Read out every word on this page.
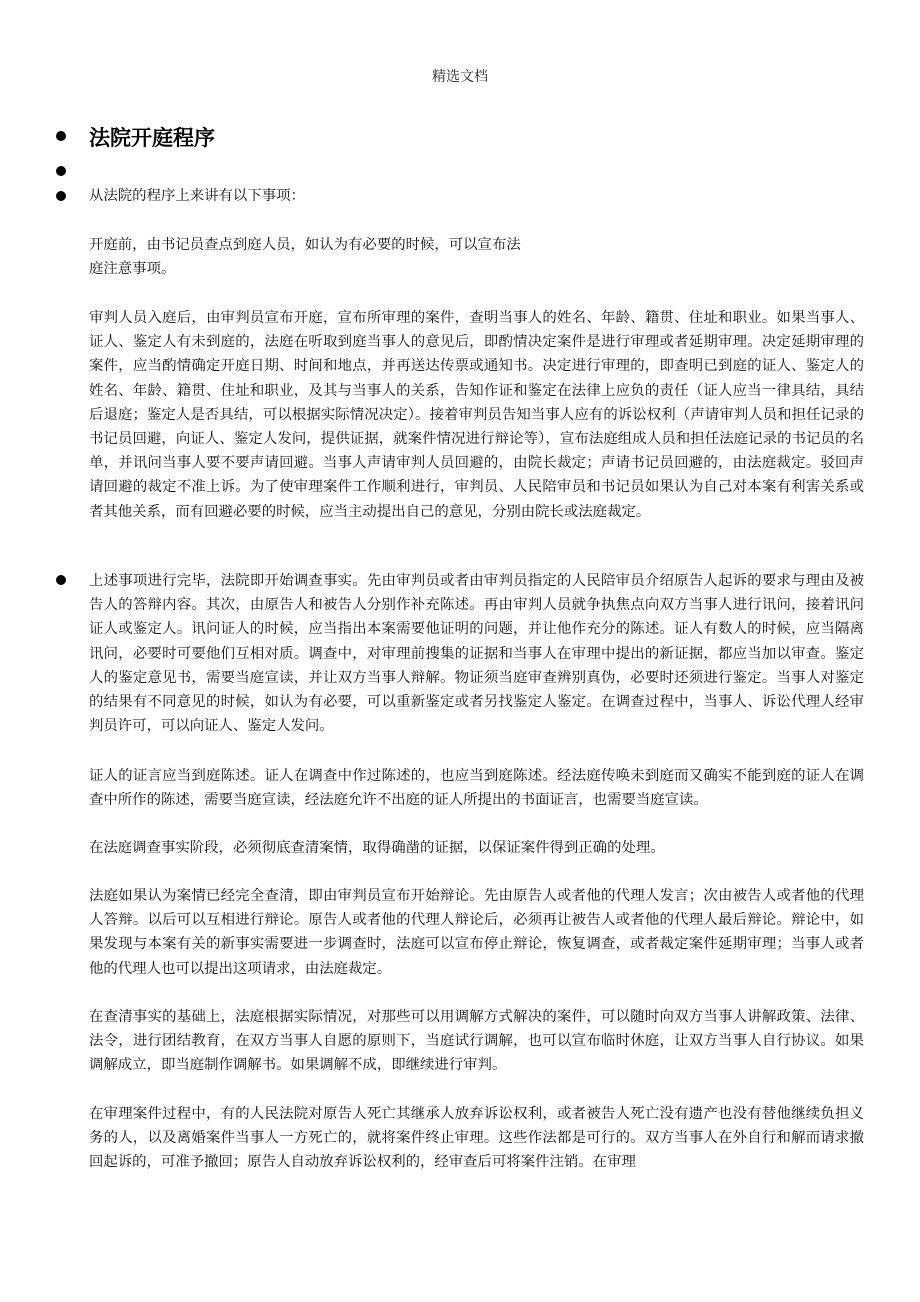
精选文档
法院开庭程序
从法院的程序上来讲有以下事项：
开庭前，由书记员查点到庭人员，如认为有必要的时候，可以宣布法
庭注意事项。

审判人员入庭后，由审判员宣布开庭，宣布所审理的案件，查明当事人的姓名、年龄、籍贯、住址和职业。如果当事人、证人、鉴定人有未到庭的，法庭在听取到庭当事人的意见后，即酌情决定案件是进行审理或者延期审理。决定延期审理的案件，应当酌情确定开庭日期、时间和地点，并再送达传票或通知书。决定进行审理的，即查明已到庭的证人、鉴定人的姓名、年龄、籍贯、住址和职业，及其与当事人的关系，告知作证和鉴定在法律上应负的责任（证人应当一律具结，具结后退庭；鉴定人是否具结，可以根据实际情况决定）。接着审判员告知当事人应有的诉讼权利（声请审判人员和担任记录的书记员回避，向证人、鉴定人发问，提供证据，就案件情况进行辩论等），宣布法庭组成人员和担任法庭记录的书记员的名单，并讯问当事人要不要声请回避。当事人声请审判人员回避的，由院长裁定；声请书记员回避的，由法庭裁定。驳回声请回避的裁定不准上诉。为了使审理案件工作顺利进行，审判员、人民陪审员和书记员如果认为自己对本案有利害关系或者其他关系，而有回避必要的时候，应当主动提出自己的意见，分别由院长或法庭裁定。

上述事项进行完毕，法院即开始调查事实。先由审判员或者由审判员指定的人民陪审员介绍原告人起诉的要求与理由及被告人的答辩内容。其次，由原告人和被告人分别作补充陈述。再由审判人员就争执焦点向双方当事人进行讯问，接着讯问证人或鉴定人。讯问证人的时候，应当指出本案需要他证明的问题，并让他作充分的陈述。证人有数人的时候，应当隔离讯问，必要时可要他们互相对质。调查中，对审理前搜集的证据和当事人在审理中提出的新证据，都应当加以审查。鉴定人的鉴定意见书，需要当庭宣读，并让双方当事人辩解。物证须当庭审查辨别真伪，必要时还须进行鉴定。当事人对鉴定的结果有不同意见的时候，如认为有必要，可以重新鉴定或者另找鉴定人鉴定。在调查过程中，当事人、诉讼代理人经审判员许可，可以向证人、鉴定人发问。

证人的证言应当到庭陈述。证人在调查中作过陈述的，也应当到庭陈述。经法庭传唤未到庭而又确实不能到庭的证人在调查中所作的陈述，需要当庭宣读，经法庭允许不出庭的证人所提出的书面证言，也需要当庭宣读。

在法庭调查事实阶段，必须彻底查清案情，取得确凿的证据，以保证案件得到正确的处理。

法庭如果认为案情已经完全查清，即由审判员宣布开始辩论。先由原告人或者他的代理人发言；次由被告人或者他的代理人答辩。以后可以互相进行辩论。原告人或者他的代理人辩论后，必须再让被告人或者他的代理人最后辩论。辩论中，如果发现与本案有关的新事实需要进一步调查时，法庭可以宣布停止辩论，恢复调查，或者裁定案件延期审理；当事人或者他的代理人也可以提出这项请求，由法庭裁定。

在查清事实的基础上，法庭根据实际情况，对那些可以用调解方式解决的案件，可以随时向双方当事人讲解政策、法律、法令，进行团结教育，在双方当事人自愿的原则下，当庭试行调解，也可以宣布临时休庭，让双方当事人自行协议。如果调解成立，即当庭制作调解书。如果调解不成，即继续进行审判。

在审理案件过程中，有的人民法院对原告人死亡其继承人放弃诉讼权利，或者被告人死亡没有遗产也没有替他继续负担义务的人，以及离婚案件当事人一方死亡的，就将案件终止审理。这些作法都是可行的。双方当事人在外自行和解而请求撤回起诉的，可准予撤回；原告人自动放弃诉讼权利的，经审查后可将案件注销。在审理
